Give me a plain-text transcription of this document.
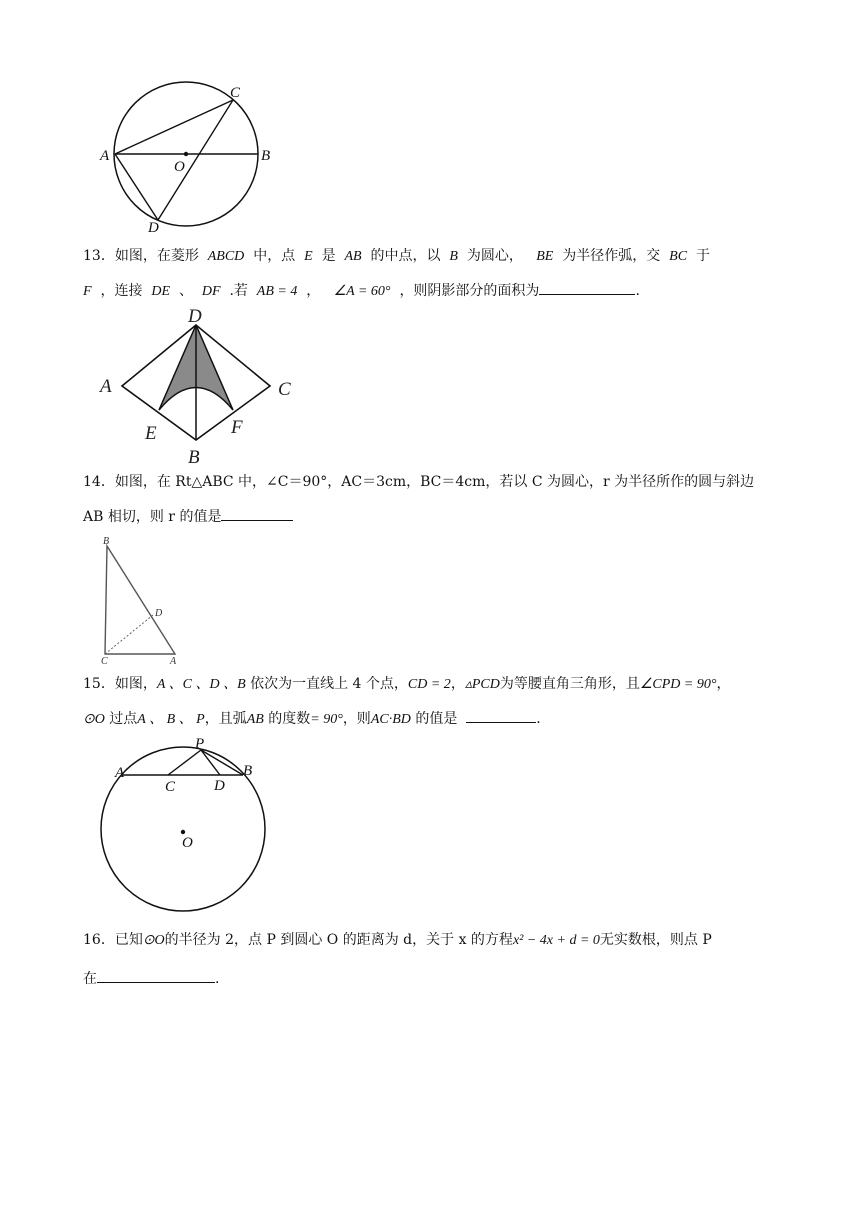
A	B
C
D
O
13．如图，在菱形 ABCD 中，点 E 是 AB 的中点，以 B 为圆心， BE 为半径作弧，交 BC 于
F ，连接 DE 、 DF .若 AB = 4 ， ∠A = 60° ，则阴影部分的面积为	.
D
A	C
E	F
B
14．如图，在 Rt△ABC 中，∠C＝90°，AC＝3cm，BC＝4cm，若以 C 为圆心，r 为半径所作的圆与斜边
AB 相切，则 r 的值是
B
D
C	A
15．如图，A 、C 、D 、B 依次为一直线上 4 个点，CD = 2，▵PCD为等腰直角三角形，且∠CPD = 90°，
⊙O 过点A 、 B 、 P，且弧AB 的度数= 90°，则AC·BD 的值是	.
P
A	B
C	D
O
16．已知⊙O的半径为 2，点 P 到圆心 O 的距离为 d，关于 x 的方程x² − 4x + d = 0无实数根，则点 P
在	.
